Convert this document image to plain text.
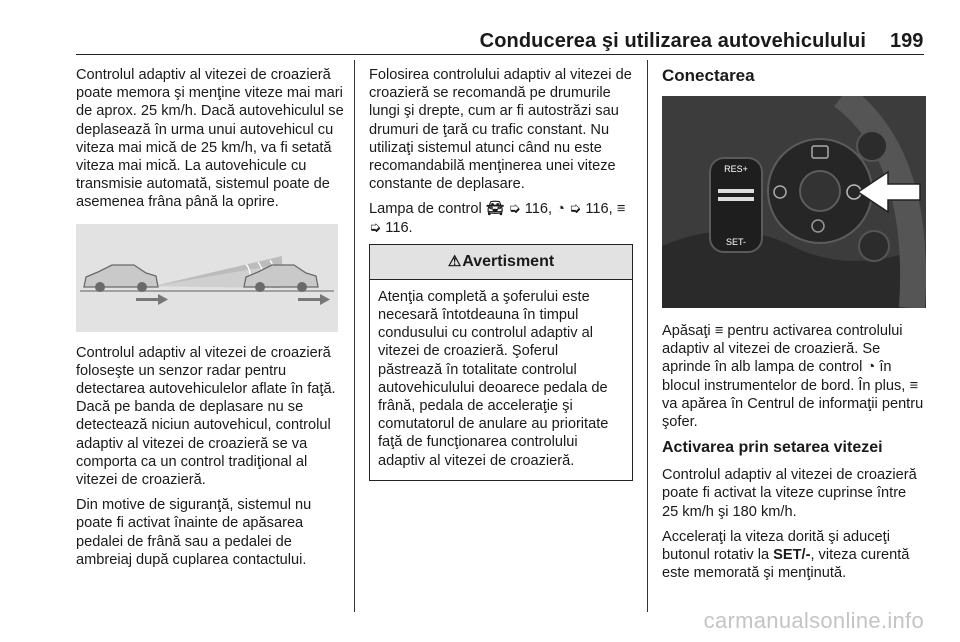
Conducerea şi utilizarea autovehiculului 199

Controlul adaptiv al vitezei de croazieră poate memora şi menţine viteze mai mari de aprox. 25 km/h. Dacă autovehiculul se deplasează în urma unui autovehicul cu viteza mai mică de 25 km/h, va fi setată viteza mai mică. La autovehicule cu transmisie automată, sistemul poate de asemenea frâna până la oprire.

Controlul adaptiv al vitezei de croazieră foloseşte un senzor radar pentru detectarea autovehiculelor aflate în faţă. Dacă pe banda de deplasare nu se detectează niciun autovehicul, controlul adaptiv al vitezei de croazieră se va comporta ca un control tradiţional al vitezei de croazieră.

Din motive de siguranţă, sistemul nu poate fi activat înainte de apăsarea pedalei de frână sau a pedalei de ambreiaj după cuplarea contactului.

Folosirea controlului adaptiv al vitezei de croazieră se recomandă pe drumurile lungi şi drepte, cum ar fi autostrăzi sau drumuri de ţară cu trafic constant. Nu utilizaţi sistemul atunci când nu este recomandabilă menţinerea unei viteze constante de deplasare.

Lampa de control 🚘︎ ➭ 116, ◔ ➭ 116, ≡ ➭ 116.

⚠ Avertisment
Atenţia completă a şoferului este necesară întotdeauna în timpul condusului cu controlul adaptiv al vitezei de croazieră. Şoferul păstrează în totalitate controlul autovehiculului deoarece pedala de frână, pedala de acceleraţie şi comutatorul de anulare au prioritate faţă de funcţionarea controlului adaptiv al vitezei de croazieră.
Conectarea
RES+
SET-

Apăsaţi ≡ pentru activarea controlului adaptiv al vitezei de croazieră. Se aprinde în alb lampa de control ◔ în blocul instrumentelor de bord. În plus, ≡ va apărea în Centrul de informaţii pentru şofer.

Activarea prin setarea vitezei

Controlul adaptiv al vitezei de croazieră poate fi activat la viteze cuprinse între 25 km/h şi 180 km/h.

Acceleraţi la viteza dorită şi aduceţi butonul rotativ la SET/-, viteza curentă este memorată şi menţinută.

carmanualsonline.info
